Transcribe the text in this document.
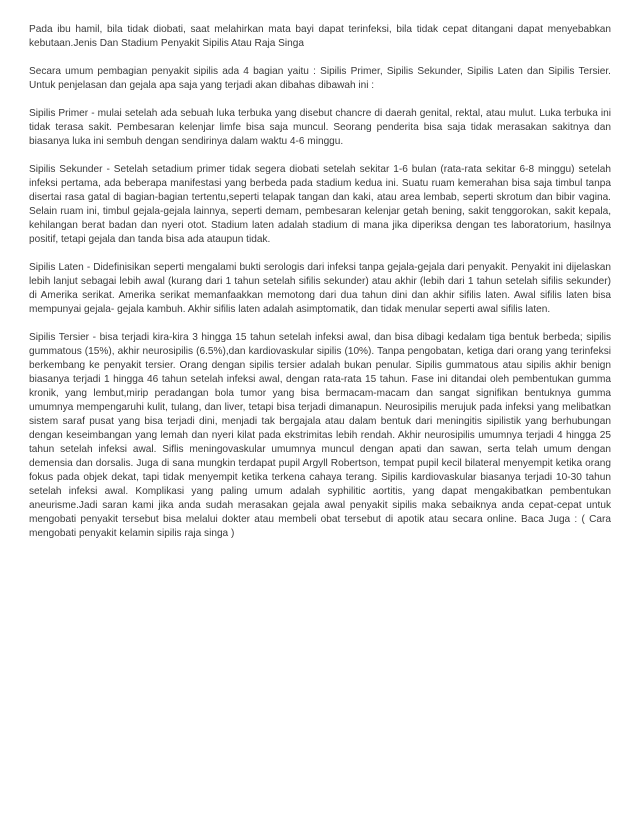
Pada ibu hamil, bila tidak diobati, saat melahirkan mata bayi dapat terinfeksi, bila tidak cepat ditangani dapat menyebabkan kebutaan.Jenis Dan Stadium Penyakit Sipilis Atau Raja Singa

Secara umum pembagian penyakit sipilis ada 4 bagian yaitu : Sipilis Primer, Sipilis Sekunder, Sipilis Laten dan Sipilis Tersier. Untuk penjelasan dan gejala apa saja yang terjadi akan dibahas dibawah ini :

Sipilis Primer - mulai setelah ada sebuah luka terbuka yang disebut chancre di daerah genital, rektal, atau mulut. Luka terbuka ini tidak terasa sakit. Pembesaran kelenjar limfe bisa saja muncul. Seorang penderita bisa saja tidak merasakan sakitnya dan biasanya luka ini sembuh dengan sendirinya dalam waktu 4-6 minggu.

Sipilis Sekunder - Setelah setadium primer tidak segera diobati setelah sekitar 1-6 bulan (rata-rata sekitar 6-8 minggu) setelah infeksi pertama, ada beberapa manifestasi yang berbeda pada stadium kedua ini. Suatu ruam kemerahan bisa saja timbul tanpa disertai rasa gatal di bagian-bagian tertentu,seperti telapak tangan dan kaki, atau area lembab, seperti skrotum dan bibir vagina. Selain ruam ini, timbul gejala-gejala lainnya, seperti demam, pembesaran kelenjar getah bening, sakit tenggorokan, sakit kepala, kehilangan berat badan dan nyeri otot. Stadium laten adalah stadium di mana jika diperiksa dengan tes laboratorium, hasilnya positif, tetapi gejala dan tanda bisa ada ataupun tidak.

Sipilis Laten - Didefinisikan seperti mengalami bukti serologis dari infeksi tanpa gejala-gejala dari penyakit. Penyakit ini dijelaskan lebih lanjut sebagai lebih awal (kurang dari 1 tahun setelah sifilis sekunder) atau akhir (lebih dari 1 tahun setelah sifilis sekunder) di Amerika serikat. Amerika serikat memanfaakkan memotong dari dua tahun dini dan akhir sifilis laten. Awal sifilis laten bisa mempunyai gejala- gejala kambuh. Akhir sifilis laten adalah asimptomatik, dan tidak menular seperti awal sifilis laten.

Sipilis Tersier - bisa terjadi kira-kira 3 hingga 15 tahun setelah infeksi awal, dan bisa dibagi kedalam tiga bentuk berbeda; sipilis gummatous (15%), akhir neurosipilis (6.5%),dan kardiovaskular sipilis (10%). Tanpa pengobatan, ketiga dari orang yang terinfeksi berkembang ke penyakit tersier. Orang dengan sipilis tersier adalah bukan penular. Sipilis gummatous atau sipilis akhir benign biasanya terjadi 1 hingga 46 tahun setelah infeksi awal, dengan rata-rata 15 tahun. Fase ini ditandai oleh pembentukan gumma kronik, yang lembut,mirip peradangan bola tumor yang bisa bermacam-macam dan sangat signifikan bentuknya gumma umumnya mempengaruhi kulit, tulang, dan liver, tetapi bisa terjadi dimanapun. Neurosipilis merujuk pada infeksi yang melibatkan sistem saraf pusat yang bisa terjadi dini, menjadi tak bergajala atau dalam bentuk dari meningitis sipilistik yang berhubungan dengan keseimbangan yang lemah dan nyeri kilat pada ekstrimitas lebih rendah. Akhir neurosipilis umumnya terjadi 4 hingga 25 tahun setelah infeksi awal. Siflis meningovaskular umumnya muncul dengan apati dan sawan, serta telah umum dengan demensia dan dorsalis. Juga di sana mungkin terdapat pupil Argyll Robertson, tempat pupil kecil bilateral menyempit ketika orang fokus pada objek dekat, tapi tidak menyempit ketika terkena cahaya terang. Sipilis kardiovaskular biasanya terjadi 10-30 tahun setelah infeksi awal. Komplikasi yang paling umum adalah syphilitic aortitis, yang dapat mengakibatkan pembentukan aneurisme.Jadi saran kami jika anda sudah merasakan gejala awal penyakit sipilis maka sebaiknya anda cepat-cepat untuk mengobati penyakit tersebut bisa melalui dokter atau membeli obat tersebut di apotik atau secara online. Baca Juga : ( Cara mengobati penyakit kelamin sipilis raja singa )
